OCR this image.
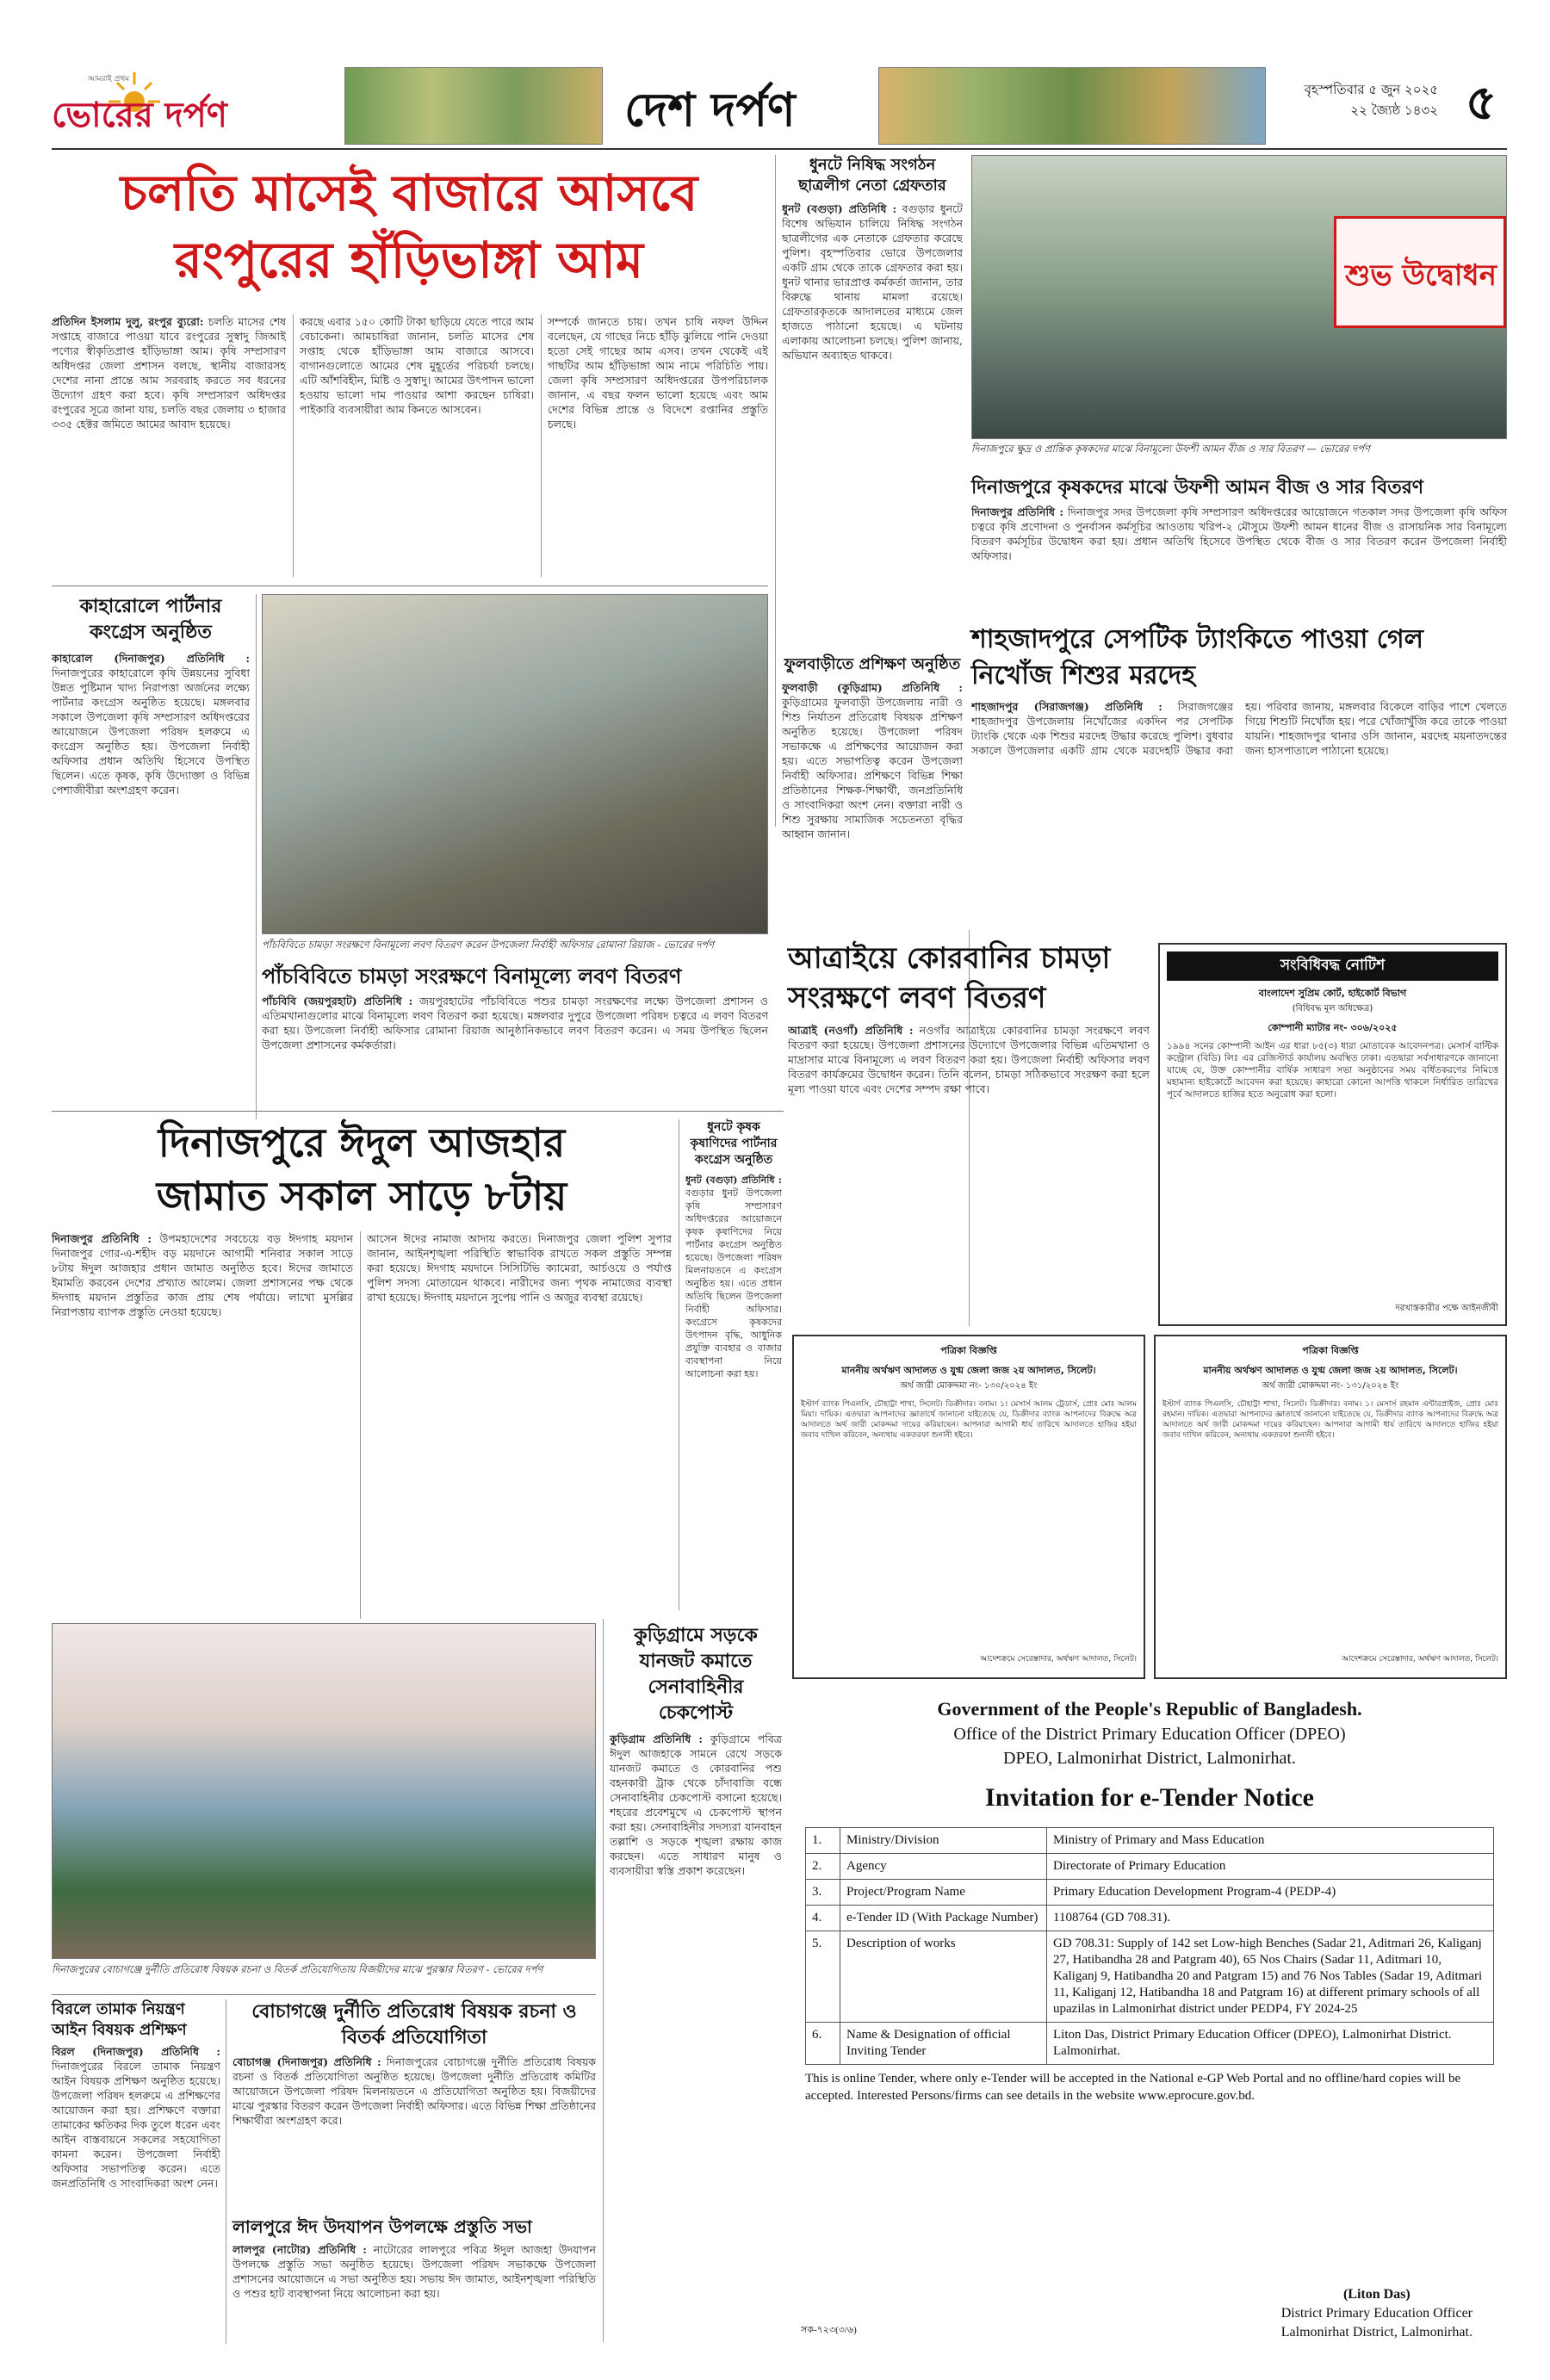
আমরাই প্রথম
ভোরের দর্পণ	দেশ দর্পণ	বৃহস্পতিবার ৫ জুন ২০২৫
২২ জ্যৈষ্ঠ ১৪৩২ ৫
চলতি মাসেই বাজারে আসবে
রংপুরের হাঁড়িভাঙ্গা আম
প্রতিদিন ইসলাম দুলু, রংপুর ব্যুরো: চলতি মাসের শেষ সপ্তাহে বাজারে পাওয়া যাবে রংপুরের সুস্বাদু জিআই পণ্যের স্বীকৃতিপ্রাপ্ত হাঁড়িভাঙ্গা আম। কৃষি সম্প্রসারণ অধিদপ্তর জেলা প্রশাসন বলছে, স্থানীয় বাজারসহ দেশের নানা প্রান্তে আম সরবরাহ করতে সব ধরনের উদ্যোগ গ্রহণ করা হবে। কৃষি সম্প্রসারণ অধিদপ্তর রংপুরের সূত্রে জানা যায়, চলতি বছর জেলায় ৩ হাজার ৩৩৫ হেক্টর জমিতে আমের আবাদ হয়েছে।
করছে এবার ১৫০ কোটি টাকা ছাড়িয়ে যেতে পারে আম বেচাকেনা। আমচাষিরা জানান, চলতি মাসের শেষ সপ্তাহ থেকে হাঁড়িভাঙ্গা আম বাজারে আসবে। বাগানগুলোতে আমের শেষ মুহূর্তের পরিচর্যা চলছে। এটি আঁশবিহীন, মিষ্টি ও সুস্বাদু। আমের উৎপাদন ভালো হওয়ায় ভালো দাম পাওয়ার আশা করছেন চাষিরা। পাইকারি ব্যবসায়ীরা আম কিনতে আসবেন।
সম্পর্কে জানতে চায়। তখন চাষি নফল উদ্দিন বলেছেন, যে গাছের নিচে হাঁড়ি ঝুলিয়ে পানি দেওয়া হতো সেই গাছের আম এসব। তখন থেকেই এই গাছটির আম হাঁড়িভাঙ্গা আম নামে পরিচিতি পায়। জেলা কৃষি সম্প্রসারণ অধিদপ্তরের উপপরিচালক জানান, এ বছর ফলন ভালো হয়েছে এবং আম দেশের বিভিন্ন প্রান্তে ও বিদেশে রপ্তানির প্রস্তুতি চলছে।
ধুনটে নিষিদ্ধ সংগঠন ছাত্রলীগ নেতা গ্রেফতার
ধুনট (বগুড়া) প্রতিনিধি : বগুড়ার ধুনটে বিশেষ অভিযান চালিয়ে নিষিদ্ধ সংগঠন ছাত্রলীগের এক নেতাকে গ্রেফতার করেছে পুলিশ। বৃহস্পতিবার ভোরে উপজেলার একটি গ্রাম থেকে তাকে গ্রেফতার করা হয়। ধুনট থানার ভারপ্রাপ্ত কর্মকর্তা জানান, তার বিরুদ্ধে থানায় মামলা রয়েছে। গ্রেফতারকৃতকে আদালতের মাধ্যমে জেল হাজতে পাঠানো হয়েছে। এ ঘটনায় এলাকায় আলোচনা চলছে। পুলিশ জানায়, অভিযান অব্যাহত থাকবে।
শুভ উদ্বোধন
দিনাজপুরে ক্ষুদ্র ও প্রান্তিক কৃষকদের মাঝে বিনামূল্যে উফশী আমন বীজ ও সার বিতরণ — ভোরের দর্পণ
দিনাজপুরে কৃষকদের মাঝে উফশী আমন বীজ ও সার বিতরণ
দিনাজপুর প্রতিনিধি : দিনাজপুর সদর উপজেলা কৃষি সম্প্রসারণ অধিদপ্তরের আয়োজনে গতকাল সদর উপজেলা কৃষি অফিস চত্বরে কৃষি প্রণোদনা ও পুনর্বাসন কর্মসূচির আওতায় খরিপ-২ মৌসুমে উফশী আমন ধানের বীজ ও রাসায়নিক সার বিনামূল্যে বিতরণ কর্মসূচির উদ্বোধন করা হয়। প্রধান অতিথি হিসেবে উপস্থিত থেকে বীজ ও সার বিতরণ করেন উপজেলা নির্বাহী অফিসার।
কাহারোলে পার্টনার কংগ্রেস অনুষ্ঠিত
কাহারোল (দিনাজপুর) প্রতিনিধি : দিনাজপুরের কাহারোলে কৃষি উন্নয়নের সুবিধা উন্নত পুষ্টিমান খাদ্য নিরাপত্তা অর্জনের লক্ষ্যে পার্টনার কংগ্রেস অনুষ্ঠিত হয়েছে। মঙ্গলবার সকালে উপজেলা কৃষি সম্প্রসারণ অধিদপ্তরের আয়োজনে উপজেলা পরিষদ হলরুমে এ কংগ্রেস অনুষ্ঠিত হয়। উপজেলা নির্বাহী অফিসার প্রধান অতিথি হিসেবে উপস্থিত ছিলেন। এতে কৃষক, কৃষি উদ্যোক্তা ও বিভিন্ন পেশাজীবীরা অংশগ্রহণ করেন।
পাঁচবিবিতে চামড়া সংরক্ষণে বিনামূল্যে লবণ বিতরণ করেন উপজেলা নির্বাহী অফিসার রোমানা রিয়াজ - ভোরের দর্পণ
পাঁচবিবিতে চামড়া সংরক্ষণে বিনামূল্যে লবণ বিতরণ
পাঁচবিবি (জয়পুরহাট) প্রতিনিধি : জয়পুরহাটের পাঁচবিবিতে পশুর চামড়া সংরক্ষণের লক্ষ্যে উপজেলা প্রশাসন ও এতিমখানাগুলোর মাঝে বিনামূল্যে লবণ বিতরণ করা হয়েছে। মঙ্গলবার দুপুরে উপজেলা পরিষদ চত্বরে এ লবণ বিতরণ করা হয়। উপজেলা নির্বাহী অফিসার রোমানা রিয়াজ আনুষ্ঠানিকভাবে লবণ বিতরণ করেন। এ সময় উপস্থিত ছিলেন উপজেলা প্রশাসনের কর্মকর্তারা।
ফুলবাড়ীতে প্রশিক্ষণ অনুষ্ঠিত
ফুলবাড়ী (কুড়িগ্রাম) প্রতিনিধি : কুড়িগ্রামের ফুলবাড়ী উপজেলায় নারী ও শিশু নির্যাতন প্রতিরোধ বিষয়ক প্রশিক্ষণ অনুষ্ঠিত হয়েছে। উপজেলা পরিষদ সভাকক্ষে এ প্রশিক্ষণের আয়োজন করা হয়। এতে সভাপতিত্ব করেন উপজেলা নির্বাহী অফিসার। প্রশিক্ষণে বিভিন্ন শিক্ষা প্রতিষ্ঠানের শিক্ষক-শিক্ষার্থী, জনপ্রতিনিধি ও সাংবাদিকরা অংশ নেন। বক্তারা নারী ও শিশু সুরক্ষায় সামাজিক সচেতনতা বৃদ্ধির আহ্বান জানান।
শাহজাদপুরে সেপটিক ট্যাংকিতে পাওয়া গেল নিখোঁজ শিশুর মরদেহ
শাহজাদপুর (সিরাজগঞ্জ) প্রতিনিধি : সিরাজগঞ্জের শাহজাদপুর উপজেলায় নিখোঁজের একদিন পর সেপটিক ট্যাংকি থেকে এক শিশুর মরদেহ উদ্ধার করেছে পুলিশ। বুধবার সকালে উপজেলার একটি গ্রাম থেকে মরদেহটি উদ্ধার করা হয়। পরিবার জানায়, মঙ্গলবার বিকেলে বাড়ির পাশে খেলতে গিয়ে শিশুটি নিখোঁজ হয়। পরে খোঁজাখুঁজি করে তাকে পাওয়া যায়নি। শাহজাদপুর থানার ওসি জানান, মরদেহ ময়নাতদন্তের জন্য হাসপাতালে পাঠানো হয়েছে।
আত্রাইয়ে কোরবানির চামড়া সংরক্ষণে লবণ বিতরণ
আত্রাই (নওগাঁ) প্রতিনিধি : নওগাঁর আত্রাইয়ে কোরবানির চামড়া সংরক্ষণে লবণ বিতরণ করা হয়েছে। উপজেলা প্রশাসনের উদ্যোগে উপজেলার বিভিন্ন এতিমখানা ও মাদ্রাসার মাঝে বিনামূল্যে এ লবণ বিতরণ করা হয়। উপজেলা নির্বাহী অফিসার লবণ বিতরণ কার্যক্রমের উদ্বোধন করেন। তিনি বলেন, চামড়া সঠিকভাবে সংরক্ষণ করা হলে মূল্য পাওয়া যাবে এবং দেশের সম্পদ রক্ষা পাবে।
সংবিধিবদ্ধ নোটিশ
বাংলাদেশ সুপ্রিম কোর্ট, হাইকোর্ট বিভাগ
(বিধিবদ্ধ মূল অধিক্ষেত্র)
কোম্পানী ম্যাটার নং- ৩০৬/২০২৫
১৯৯৪ সনের কোম্পানী আইন এর ধারা ৮৫(৩) ধারা মোতাবেক আবেদনপত্র। মেসার্স বাল্টিক কন্ট্রোল (বিডি) লিঃ এর রেজিস্টার্ড কার্যালয় অবস্থিত ঢাকা। এতদ্বারা সর্বসাধারণকে জানানো যাচ্ছে যে, উক্ত কোম্পানীর বার্ষিক সাধারণ সভা অনুষ্ঠানের সময় বর্ধিতকরণের নিমিত্তে মহামান্য হাইকোর্টে আবেদন করা হয়েছে। কাহারো কোনো আপত্তি থাকলে নির্ধারিত তারিখের পূর্বে আদালতে হাজির হতে অনুরোধ করা হলো।
দরখাস্তকারীর পক্ষে আইনজীবী
দিনাজপুরে ঈদুল আজহার
জামাত সকাল সাড়ে ৮টায়
দিনাজপুর প্রতিনিধি : উপমহাদেশের সবচেয়ে বড় ঈদগাহ ময়দান দিনাজপুর গোর-এ-শহীদ বড় ময়দানে আগামী শনিবার সকাল সাড়ে ৮টায় ঈদুল আজহার প্রধান জামাত অনুষ্ঠিত হবে। ঈদের জামাতে ইমামতি করবেন দেশের প্রখ্যাত আলেম। জেলা প্রশাসনের পক্ষ থেকে ঈদগাহ ময়দান প্রস্তুতির কাজ প্রায় শেষ পর্যায়ে। লাখো মুসল্লির নিরাপত্তায় ব্যাপক প্রস্তুতি নেওয়া হয়েছে।
আসেন ঈদের নামাজ আদায় করতে। দিনাজপুর জেলা পুলিশ সুপার জানান, আইনশৃঙ্খলা পরিস্থিতি স্বাভাবিক রাখতে সকল প্রস্তুতি সম্পন্ন করা হয়েছে। ঈদগাহ ময়দানে সিসিটিভি ক্যামেরা, আর্চওয়ে ও পর্যাপ্ত পুলিশ সদস্য মোতায়েন থাকবে। নারীদের জন্য পৃথক নামাজের ব্যবস্থা রাখা হয়েছে। ঈদগাহ ময়দানে সুপেয় পানি ও অজুর ব্যবস্থা রয়েছে।
ধুনটে কৃষক কৃষাণিদের পার্টনার কংগ্রেস অনুষ্ঠিত
ধুনট (বগুড়া) প্রতিনিধি : বগুড়ার ধুনট উপজেলা কৃষি সম্প্রসারণ অধিদপ্তরের আয়োজনে কৃষক কৃষাণিদের নিয়ে পার্টনার কংগ্রেস অনুষ্ঠিত হয়েছে। উপজেলা পরিষদ মিলনায়তনে এ কংগ্রেস অনুষ্ঠিত হয়। এতে প্রধান অতিথি ছিলেন উপজেলা নির্বাহী অফিসার। কংগ্রেসে কৃষকদের উৎপাদন বৃদ্ধি, আধুনিক প্রযুক্তি ব্যবহার ও বাজার ব্যবস্থাপনা নিয়ে আলোচনা করা হয়।
পত্রিকা বিজ্ঞপ্তি
মাননীয় অর্থঋণ আদালত ও যুগ্ম জেলা জজ ২য় আদালত, সিলেট।
অর্থ জারী মোকদ্দমা নং- ১৩০/২০২৪ ইং
ইস্টার্ণ ব্যাংক পিএলসি, চৌহাট্টা শাখা, সিলেট। ডিক্রীদার। বনাম। ১। মেসার্স আলম ট্রেডার্স, প্রোঃ মোঃ আলম মিয়া। দায়িক। এতদ্বারা আপনাদের জ্ঞাতার্থে জানানো যাইতেছে যে, ডিক্রীদার ব্যাংক আপনাদের বিরুদ্ধে অত্র আদালতে অর্থ জারী মোকদ্দমা দায়ের করিয়াছেন। আপনারা আগামী ধার্য তারিখে আদালতে হাজির হইয়া জবাব দাখিল করিবেন, অন্যথায় একতরফা শুনানী হইবে।
আদেশক্রমে সেরেস্তাদার, অর্থঋণ আদালত, সিলেট।
পত্রিকা বিজ্ঞপ্তি
মাননীয় অর্থঋণ আদালত ও যুগ্ম জেলা জজ ২য় আদালত, সিলেট।
অর্থ জারী মোকদ্দমা নং- ১৩১/২০২৪ ইং
ইস্টার্ণ ব্যাংক পিএলসি, চৌহাট্টা শাখা, সিলেট। ডিক্রীদার। বনাম। ১। মেসার্স রহমান এন্টারপ্রাইজ, প্রোঃ মোঃ রহমান। দায়িক। এতদ্বারা আপনাদের জ্ঞাতার্থে জানানো যাইতেছে যে, ডিক্রীদার ব্যাংক আপনাদের বিরুদ্ধে অত্র আদালতে অর্থ জারী মোকদ্দমা দায়ের করিয়াছেন। আপনারা আগামী ধার্য তারিখে আদালতে হাজির হইয়া জবাব দাখিল করিবেন, অন্যথায় একতরফা শুনানী হইবে।
আদেশক্রমে সেরেস্তাদার, অর্থঋণ আদালত, সিলেট।
দিনাজপুরের বোচাগঞ্জে দুর্নীতি প্রতিরোধ বিষয়ক রচনা ও বিতর্ক প্রতিযোগিতায় বিজয়ীদের মাঝে পুরস্কার বিতরণ - ভোরের দর্পণ
কুড়িগ্রামে সড়কে যানজট কমাতে সেনাবাহিনীর চেকপোস্ট
কুড়িগ্রাম প্রতিনিধি : কুড়িগ্রামে পবিত্র ঈদুল আজহাকে সামনে রেখে সড়কে যানজট কমাতে ও কোরবানির পশু বহনকারী ট্রাক থেকে চাঁদাবাজি বন্ধে সেনাবাহিনীর চেকপোস্ট বসানো হয়েছে। শহরের প্রবেশমুখে এ চেকপোস্ট স্থাপন করা হয়। সেনাবাহিনীর সদস্যরা যানবাহন তল্লাশি ও সড়কে শৃঙ্খলা রক্ষায় কাজ করছেন। এতে সাধারণ মানুষ ও ব্যবসায়ীরা স্বস্তি প্রকাশ করেছেন।
বিরলে তামাক নিয়ন্ত্রণ আইন বিষয়ক প্রশিক্ষণ
বিরল (দিনাজপুর) প্রতিনিধি : দিনাজপুরের বিরলে তামাক নিয়ন্ত্রণ আইন বিষয়ক প্রশিক্ষণ অনুষ্ঠিত হয়েছে। উপজেলা পরিষদ হলরুমে এ প্রশিক্ষণের আয়োজন করা হয়। প্রশিক্ষণে বক্তারা তামাকের ক্ষতিকর দিক তুলে ধরেন এবং আইন বাস্তবায়নে সকলের সহযোগিতা কামনা করেন। উপজেলা নির্বাহী অফিসার সভাপতিত্ব করেন। এতে জনপ্রতিনিধি ও সাংবাদিকরা অংশ নেন।
বোচাগঞ্জে দুর্নীতি প্রতিরোধ বিষয়ক রচনা ও বিতর্ক প্রতিযোগিতা
বোচাগঞ্জ (দিনাজপুর) প্রতিনিধি : দিনাজপুরের বোচাগঞ্জে দুর্নীতি প্রতিরোধ বিষয়ক রচনা ও বিতর্ক প্রতিযোগিতা অনুষ্ঠিত হয়েছে। উপজেলা দুর্নীতি প্রতিরোধ কমিটির আয়োজনে উপজেলা পরিষদ মিলনায়তনে এ প্রতিযোগিতা অনুষ্ঠিত হয়। বিজয়ীদের মাঝে পুরস্কার বিতরণ করেন উপজেলা নির্বাহী অফিসার। এতে বিভিন্ন শিক্ষা প্রতিষ্ঠানের শিক্ষার্থীরা অংশগ্রহণ করে।
লালপুরে ঈদ উদযাপন উপলক্ষে প্রস্তুতি সভা
লালপুর (নাটোর) প্রতিনিধি : নাটোরের লালপুরে পবিত্র ঈদুল আজহা উদযাপন উপলক্ষে প্রস্তুতি সভা অনুষ্ঠিত হয়েছে। উপজেলা পরিষদ সভাকক্ষে উপজেলা প্রশাসনের আয়োজনে এ সভা অনুষ্ঠিত হয়। সভায় ঈদ জামাত, আইনশৃঙ্খলা পরিস্থিতি ও পশুর হাট ব্যবস্থাপনা নিয়ে আলোচনা করা হয়।
Government of the People's Republic of Bangladesh.
Office of the District Primary Education Officer (DPEO)
DPEO, Lalmonirhat District, Lalmonirhat.
Invitation for e-Tender Notice
1.	Ministry/Division	Ministry of Primary and Mass Education
2.	Agency	Directorate of Primary Education
3.	Project/Program Name	Primary Education Development Program-4 (PEDP-4)
4.	e-Tender ID (With Package Number)	1108764 (GD 708.31).
5.	Description of works	GD 708.31: Supply of 142 set Low-high Benches (Sadar 21, Aditmari 26, Kaliganj 27, Hatibandha 28 and Patgram 40), 65 Nos Chairs (Sadar 11, Aditmari 10, Kaliganj 9, Hatibandha 20 and Patgram 15) and 76 Nos Tables (Sadar 19, Aditmari 11, Kaliganj 12, Hatibandha 18 and Patgram 16) at different primary schools of all upazilas in Lalmonirhat district under PEDP4, FY 2024-25
6.	Name & Designation of official Inviting Tender	Liton Das, District Primary Education Officer (DPEO), Lalmonirhat District. Lalmonirhat.
This is online Tender, where only e-Tender will be accepted in the National e-GP Web Portal and no offline/hard copies will be accepted. Interested Persons/firms can see details in the website www.eprocure.gov.bd.
(Liton Das)
District Primary Education Officer
Lalmonirhat District, Lalmonirhat.
সক-৭২৩(৩/৬)
